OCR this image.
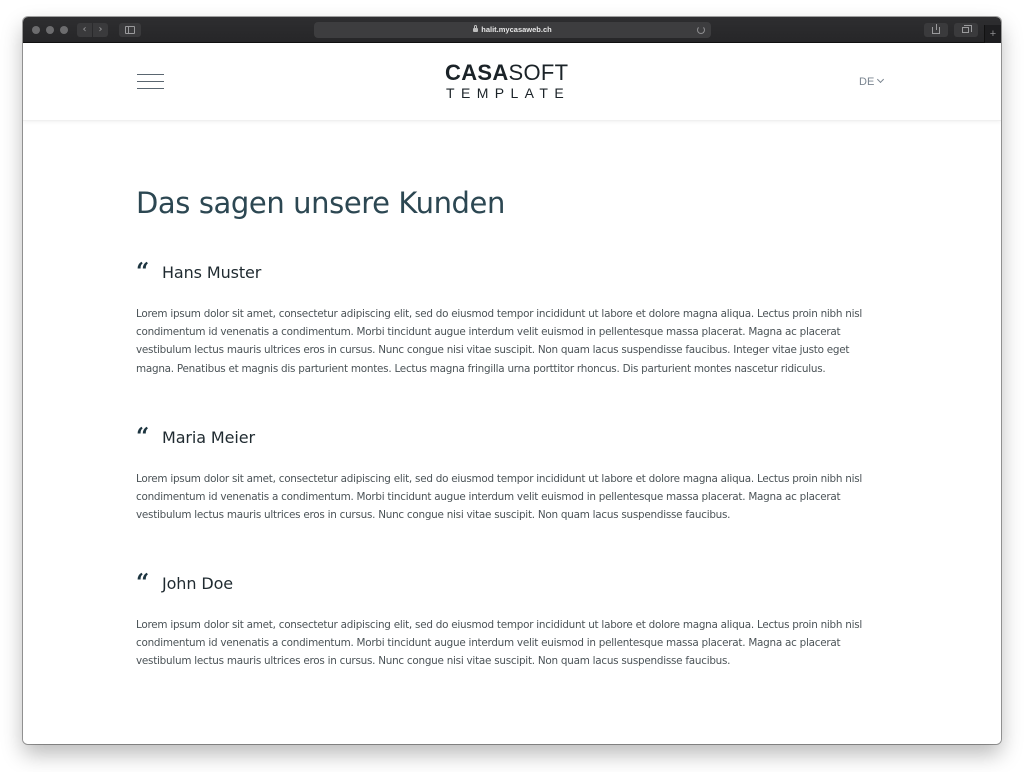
‹	›	halit.mycasaweb.ch	+
CASASOFT
TEMPLATE
DE
Das sagen unsere Kunden
“ Hans Muster

Lorem ipsum dolor sit amet, consectetur adipiscing elit, sed do eiusmod tempor incididunt ut labore et dolore magna aliqua. Lectus proin nibh nisl condimentum id venenatis a condimentum. Morbi tincidunt augue interdum velit euismod in pellentesque massa placerat. Magna ac placerat vestibulum lectus mauris ultrices eros in cursus. Nunc congue nisi vitae suscipit. Non quam lacus suspendisse faucibus. Integer vitae justo eget magna. Penatibus et magnis dis parturient montes. Lectus magna fringilla urna porttitor rhoncus. Dis parturient montes nascetur ridiculus.

“ Maria Meier

Lorem ipsum dolor sit amet, consectetur adipiscing elit, sed do eiusmod tempor incididunt ut labore et dolore magna aliqua. Lectus proin nibh nisl condimentum id venenatis a condimentum. Morbi tincidunt augue interdum velit euismod in pellentesque massa placerat. Magna ac placerat vestibulum lectus mauris ultrices eros in cursus. Nunc congue nisi vitae suscipit. Non quam lacus suspendisse faucibus.

“ John Doe

Lorem ipsum dolor sit amet, consectetur adipiscing elit, sed do eiusmod tempor incididunt ut labore et dolore magna aliqua. Lectus proin nibh nisl condimentum id venenatis a condimentum. Morbi tincidunt augue interdum velit euismod in pellentesque massa placerat. Magna ac placerat vestibulum lectus mauris ultrices eros in cursus. Nunc congue nisi vitae suscipit. Non quam lacus suspendisse faucibus.
